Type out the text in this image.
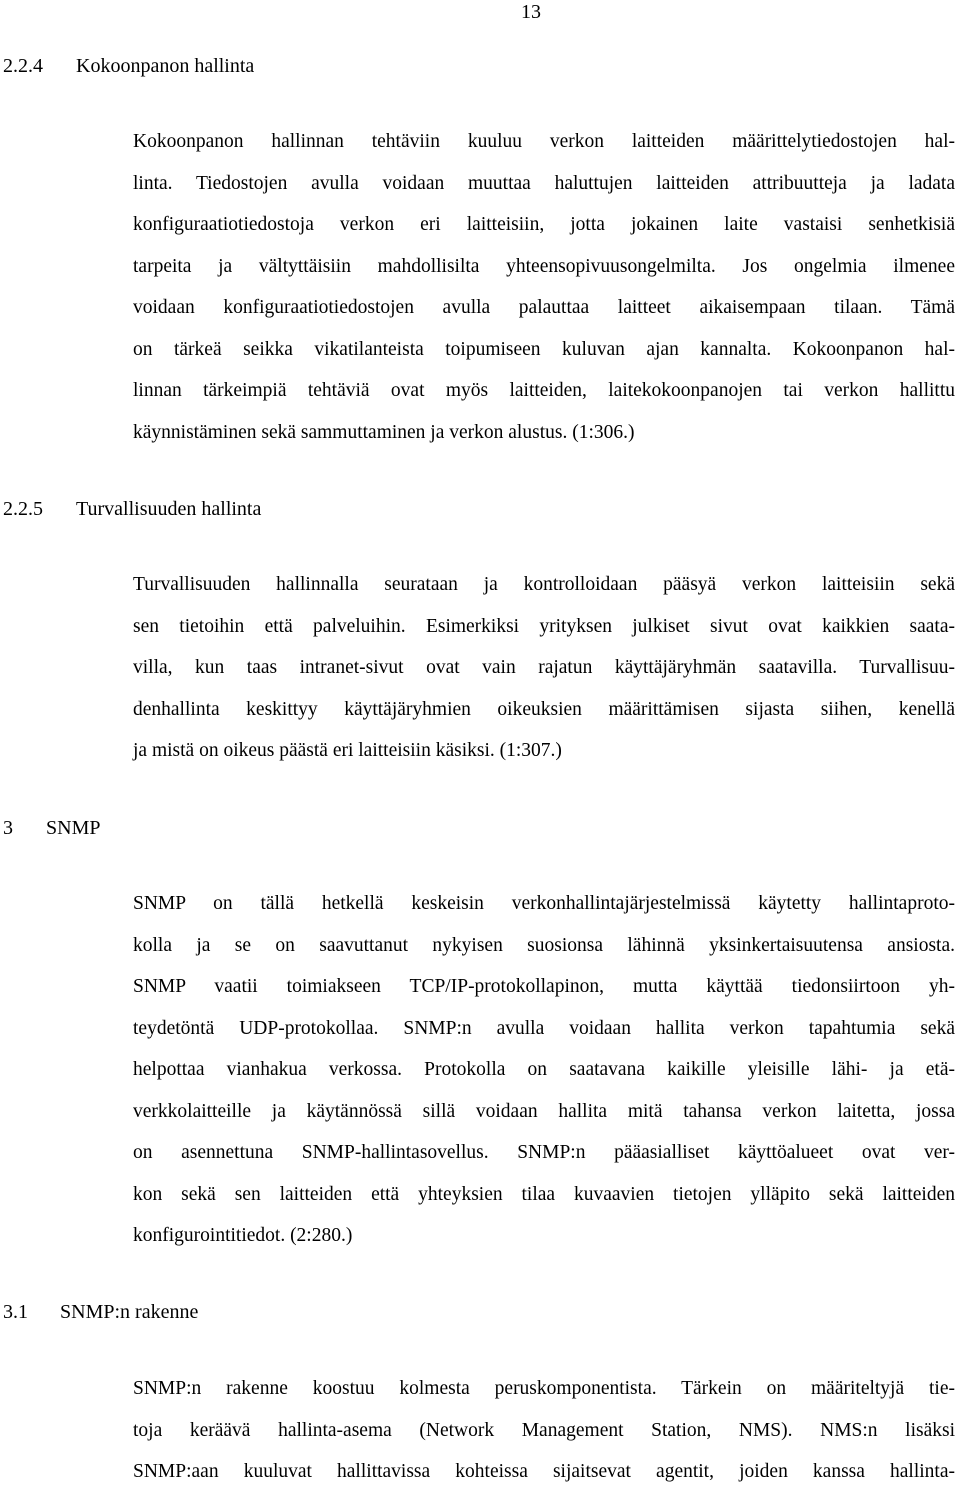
13
2.2.4 Kokoonpanon hallinta
Kokoonpanon hallinnan tehtäviin kuuluu verkon laitteiden määrittelytiedostojen hal-
linta. Tiedostojen avulla voidaan muuttaa haluttujen laitteiden attribuutteja ja ladata
konfiguraatiotiedostoja verkon eri laitteisiin, jotta jokainen laite vastaisi senhetkisiä
tarpeita ja vältyttäisiin mahdollisilta yhteensopivuusongelmilta. Jos ongelmia ilmenee
voidaan konfiguraatiotiedostojen avulla palauttaa laitteet aikaisempaan tilaan. Tämä
on tärkeä seikka vikatilanteista toipumiseen kuluvan ajan kannalta. Kokoonpanon hal-
linnan tärkeimpiä tehtäviä ovat myös laitteiden, laitekokoonpanojen tai verkon hallittu
käynnistäminen sekä sammuttaminen ja verkon alustus. (1:306.)
2.2.5 Turvallisuuden hallinta
Turvallisuuden hallinnalla seurataan ja kontrolloidaan pääsyä verkon laitteisiin sekä
sen tietoihin että palveluihin. Esimerkiksi yrityksen julkiset sivut ovat kaikkien saata-
villa, kun taas intranet-sivut ovat vain rajatun käyttäjäryhmän saatavilla. Turvallisuu-
denhallinta keskittyy käyttäjäryhmien oikeuksien määrittämisen sijasta siihen, kenellä
ja mistä on oikeus päästä eri laitteisiin käsiksi. (1:307.)
3 SNMP
SNMP on tällä hetkellä keskeisin verkonhallintajärjestelmissä käytetty hallintaproto-
kolla ja se on saavuttanut nykyisen suosionsa lähinnä yksinkertaisuutensa ansiosta.
SNMP vaatii toimiakseen TCP/IP-protokollapinon, mutta käyttää tiedonsiirtoon yh-
teydetöntä UDP-protokollaa. SNMP:n avulla voidaan hallita verkon tapahtumia sekä
helpottaa vianhakua verkossa. Protokolla on saatavana kaikille yleisille lähi- ja etä-
verkkolaitteille ja käytännössä sillä voidaan hallita mitä tahansa verkon laitetta, jossa
on asennettuna SNMP-hallintasovellus. SNMP:n pääasialliset käyttöalueet ovat ver-
kon sekä sen laitteiden että yhteyksien tilaa kuvaavien tietojen ylläpito sekä laitteiden
konfigurointitiedot. (2:280.)
3.1 SNMP:n rakenne
SNMP:n rakenne koostuu kolmesta peruskomponentista. Tärkein on määriteltyjä tie-
toja keräävä hallinta-asema (Network Management Station, NMS). NMS:n lisäksi
SNMP:aan kuuluvat hallittavissa kohteissa sijaitsevat agentit, joiden kanssa hallinta-
